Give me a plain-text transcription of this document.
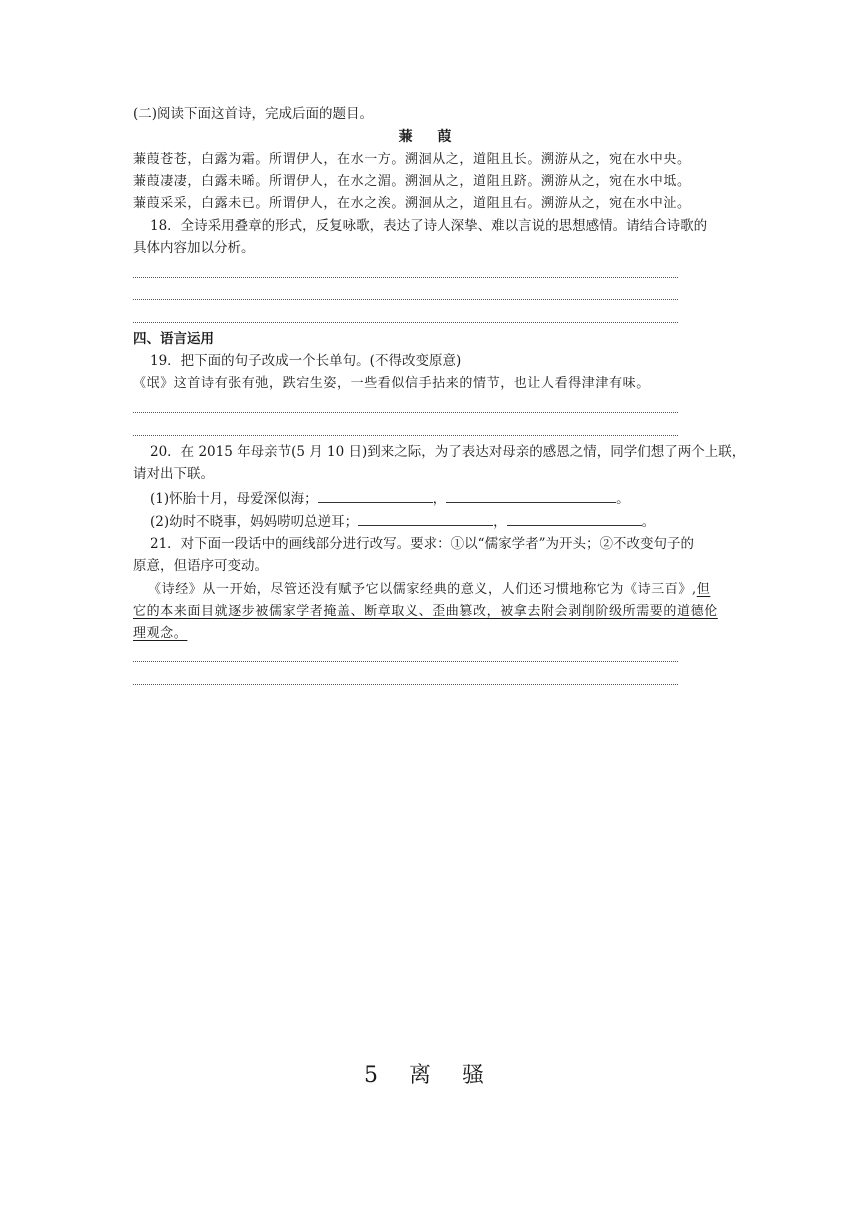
(二)阅读下面这首诗，完成后面的题目。
蒹 葭
蒹葭苍苍，白露为霜。所谓伊人，在水一方。溯洄从之，道阻且长。溯游从之，宛在水中央。
蒹葭凄凄，白露未晞。所谓伊人，在水之湄。溯洄从之，道阻且跻。溯游从之，宛在水中坻。
蒹葭采采，白露未已。所谓伊人，在水之涘。溯洄从之，道阻且右。溯游从之，宛在水中沚。
18．全诗采用叠章的形式，反复咏歌，表达了诗人深挚、难以言说的思想感情。请结合诗歌的
具体内容加以分析。
四、语言运用
19．把下面的句子改成一个长单句。(不得改变原意)
《氓》这首诗有张有弛，跌宕生姿，一些看似信手拈来的情节，也让人看得津津有味。
20．在 2015 年母亲节(5 月 10 日)到来之际，为了表达对母亲的感恩之情，同学们想了两个上联，
请对出下联。
(1)怀胎十月，母爱深似海；	，	。
(2)幼时不晓事，妈妈唠叨总逆耳；	，	。
21．对下面一段话中的画线部分进行改写。要求：①以“儒家学者”为开头；②不改变句子的
原意，但语序可变动。
《诗经》从一开始，尽管还没有赋予它以儒家经典的意义，人们还习惯地称它为《诗三百》,但
它的本来面目就逐步被儒家学者掩盖、断章取义、歪曲篡改，被拿去附会剥削阶级所需要的道德伦
理观念。
5 离 骚
